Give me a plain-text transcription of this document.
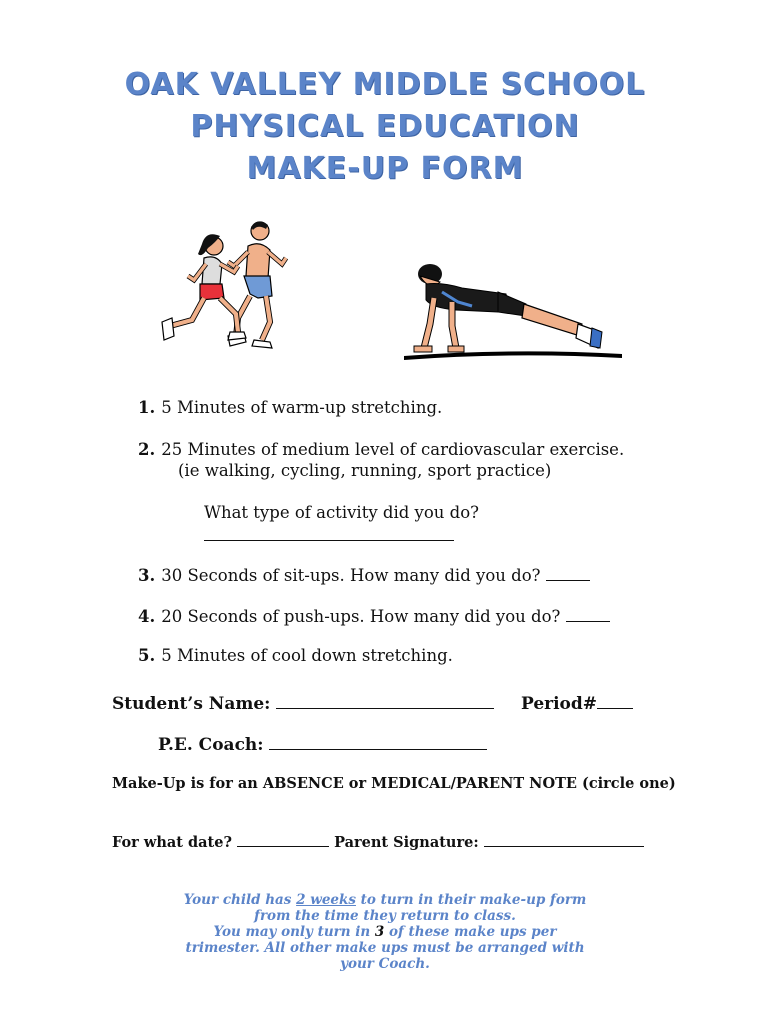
OAK VALLEY MIDDLE SCHOOL
PHYSICAL EDUCATION
MAKE-UP FORM
1. 5 Minutes of warm-up stretching.
2. 25 Minutes of medium level of cardiovascular exercise.
(ie walking, cycling, running, sport practice)
What type of activity did you do?
3. 30 Seconds of sit-ups. How many did you do?
4. 20 Seconds of push-ups. How many did you do?
5. 5 Minutes of cool down stretching.
Student’s Name:	Period#
P.E. Coach:
Make-Up is for an ABSENCE or MEDICAL/PARENT NOTE (circle one)
For what date?	Parent Signature:
Your child has 2 weeks to turn in their make-up form
from the time they return to class.
You may only turn in 3 of these make ups per
trimester. All other make ups must be arranged with
your Coach.
